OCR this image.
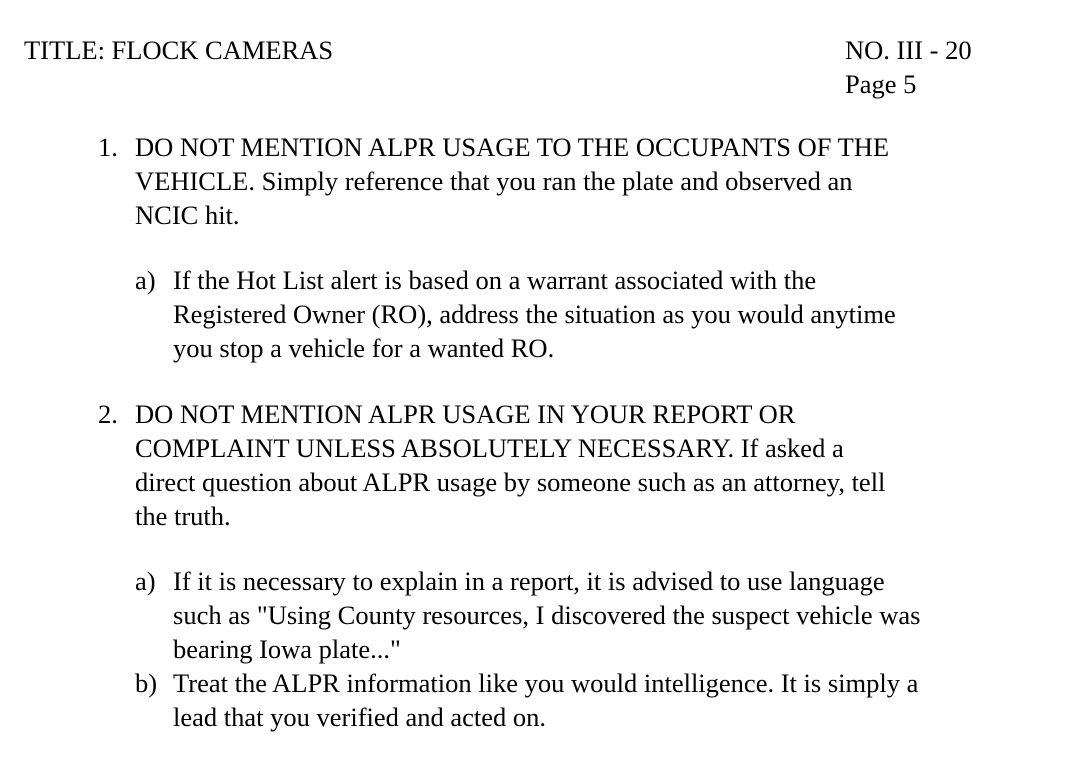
TITLE: FLOCK CAMERAS	NO. III - 20
Page 5
1. DO NOT MENTION ALPR USAGE TO THE OCCUPANTS OF THE
VEHICLE. Simply reference that you ran the plate and observed an
NCIC hit.
a) If the Hot List alert is based on a warrant associated with the
Registered Owner (RO), address the situation as you would anytime
you stop a vehicle for a wanted RO.
2. DO NOT MENTION ALPR USAGE IN YOUR REPORT OR
COMPLAINT UNLESS ABSOLUTELY NECESSARY. If asked a
direct question about ALPR usage by someone such as an attorney, tell
the truth.
a) If it is necessary to explain in a report, it is advised to use language
such as "Using County resources, I discovered the suspect vehicle was
bearing Iowa plate..."
b) Treat the ALPR information like you would intelligence. It is simply a
lead that you verified and acted on.
